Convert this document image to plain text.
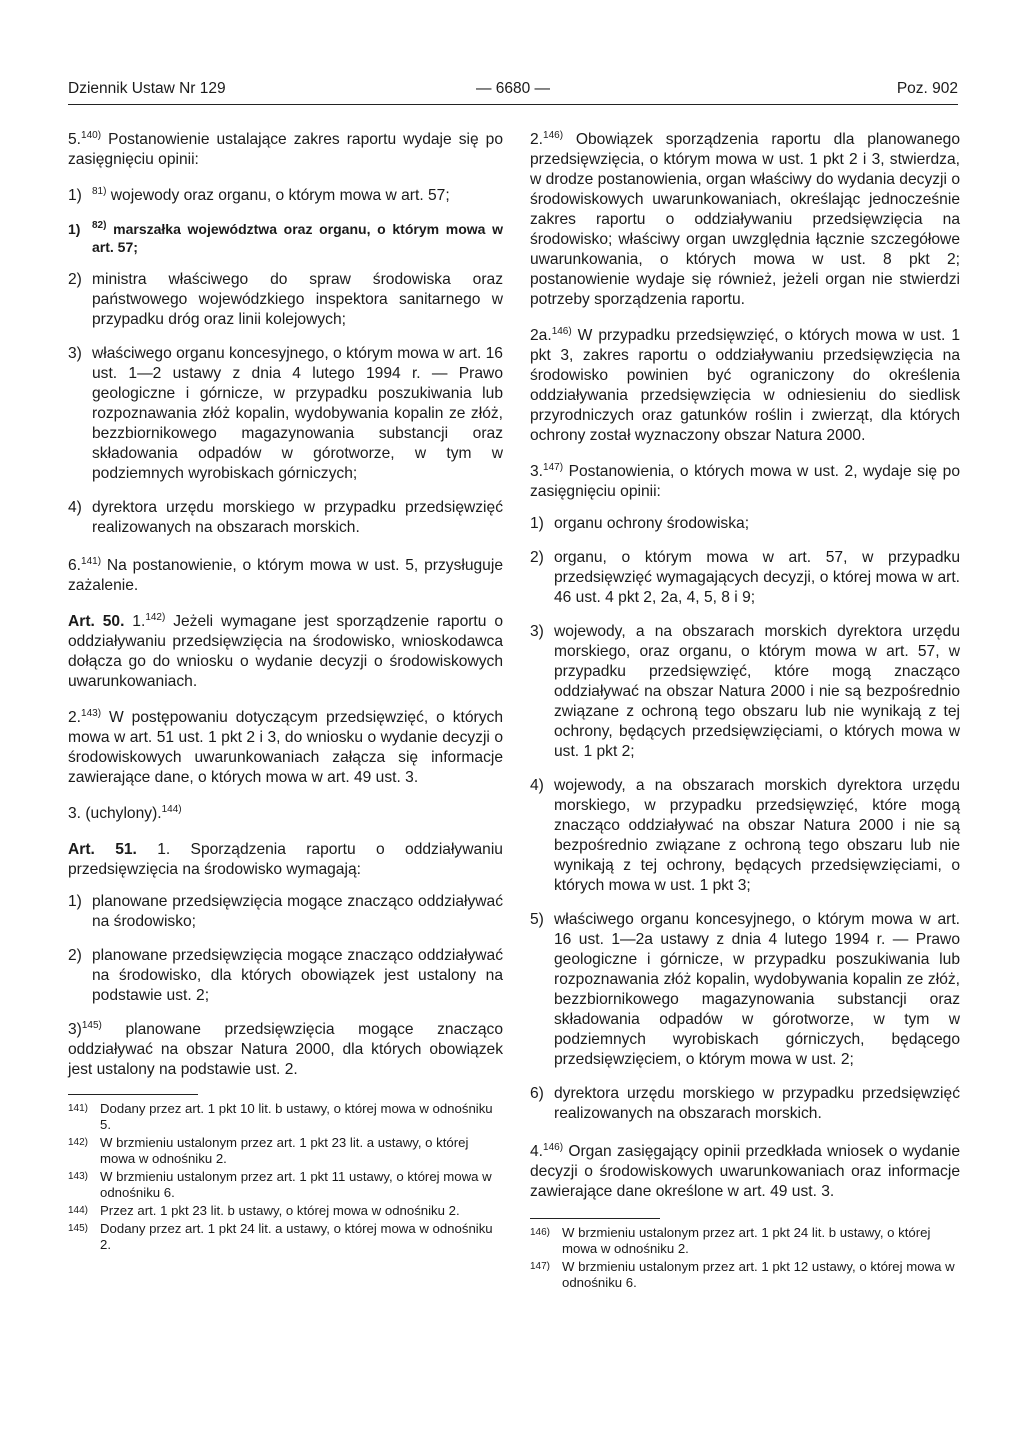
Dziennik Ustaw Nr 129	— 6680 —	Poz. 902

5.$^{140)}$ Postanowienie ustalające zakres raportu wydaje się po zasięgnięciu opinii:

1) $^{81)}$ wojewody oraz organu, o którym mowa w art. 57;
1) $^{82)}$ marszałka województwa oraz organu, o którym mowa w art. 57;
2) ministra właściwego do spraw środowiska oraz państwowego wojewódzkiego inspektora sanitarnego w przypadku dróg oraz linii kolejowych;
3) właściwego organu koncesyjnego, o którym mowa w art. 16 ust. 1—2 ustawy z dnia 4 lutego 1994 r. — Prawo geologiczne i górnicze, w przypadku poszukiwania lub rozpoznawania złóż kopalin, wydobywania kopalin ze złóż, bezzbiornikowego magazynowania substancji oraz składowania odpadów w górotworze, w tym w podziemnych wyrobiskach górniczych;
4) dyrektora urzędu morskiego w przypadku przedsięwzięć realizowanych na obszarach morskich.

6.$^{141)}$ Na postanowienie, o którym mowa w ust. 5, przysługuje zażalenie.

Art. 50. 1.$^{142)}$ Jeżeli wymagane jest sporządzenie raportu o oddziaływaniu przedsięwzięcia na środowisko, wnioskodawca dołącza go do wniosku o wydanie decyzji o środowiskowych uwarunkowaniach.

2.$^{143)}$ W postępowaniu dotyczącym przedsięwzięć, o których mowa w art. 51 ust. 1 pkt 2 i 3, do wniosku o wydanie decyzji o środowiskowych uwarunkowaniach załącza się informacje zawierające dane, o których mowa w art. 49 ust. 3.

3. (uchylony).$^{144)}$

Art. 51. 1. Sporządzenia raportu o oddziaływaniu przedsięwzięcia na środowisko wymagają:

1) planowane przedsięwzięcia mogące znacząco oddziaływać na środowisko;
2) planowane przedsięwzięcia mogące znacząco oddziaływać na środowisko, dla których obowiązek jest ustalony na podstawie ust. 2;
3)$^{145)}$ planowane przedsięwzięcia mogące znacząco oddziaływać na obszar Natura 2000, dla których obowiązek jest ustalony na podstawie ust. 2.
141) Dodany przez art. 1 pkt 10 lit. b ustawy, o której mowa w odnośniku 5.
142) W brzmieniu ustalonym przez art. 1 pkt 23 lit. a ustawy, o której mowa w odnośniku 2.
143) W brzmieniu ustalonym przez art. 1 pkt 11 ustawy, o której mowa w odnośniku 6.
144) Przez art. 1 pkt 23 lit. b ustawy, o której mowa w odnośniku 2.
145) Dodany przez art. 1 pkt 24 lit. a ustawy, o której mowa w odnośniku 2.

2.$^{146)}$ Obowiązek sporządzenia raportu dla planowanego przedsięwzięcia, o którym mowa w ust. 1 pkt 2 i 3, stwierdza, w drodze postanowienia, organ właściwy do wydania decyzji o środowiskowych uwarunkowaniach, określając jednocześnie zakres raportu o oddziaływaniu przedsięwzięcia na środowisko; właściwy organ uwzględnia łącznie szczegółowe uwarunkowania, o których mowa w ust. 8 pkt 2; postanowienie wydaje się również, jeżeli organ nie stwierdzi potrzeby sporządzenia raportu.

2a.$^{146)}$ W przypadku przedsięwzięć, o których mowa w ust. 1 pkt 3, zakres raportu o oddziaływaniu przedsięwzięcia na środowisko powinien być ograniczony do określenia oddziaływania przedsięwzięcia w odniesieniu do siedlisk przyrodniczych oraz gatunków roślin i zwierząt, dla których ochrony został wyznaczony obszar Natura 2000.

3.$^{147)}$ Postanowienia, o których mowa w ust. 2, wydaje się po zasięgnięciu opinii:

1) organu ochrony środowiska;
2) organu, o którym mowa w art. 57, w przypadku przedsięwzięć wymagających decyzji, o której mowa w art. 46 ust. 4 pkt 2, 2a, 4, 5, 8 i 9;
3) wojewody, a na obszarach morskich dyrektora urzędu morskiego, oraz organu, o którym mowa w art. 57, w przypadku przedsięwzięć, które mogą znacząco oddziaływać na obszar Natura 2000 i nie są bezpośrednio związane z ochroną tego obszaru lub nie wynikają z tej ochrony, będących przedsięwzięciami, o których mowa w ust. 1 pkt 2;
4) wojewody, a na obszarach morskich dyrektora urzędu morskiego, w przypadku przedsięwzięć, które mogą znacząco oddziaływać na obszar Natura 2000 i nie są bezpośrednio związane z ochroną tego obszaru lub nie wynikają z tej ochrony, będących przedsięwzięciami, o których mowa w ust. 1 pkt 3;
5) właściwego organu koncesyjnego, o którym mowa w art. 16 ust. 1—2a ustawy z dnia 4 lutego 1994 r. — Prawo geologiczne i górnicze, w przypadku poszukiwania lub rozpoznawania złóż kopalin, wydobywania kopalin ze złóż, bezzbiornikowego magazynowania substancji oraz składowania odpadów w górotworze, w tym w podziemnych wyrobiskach górniczych, będącego przedsięwzięciem, o którym mowa w ust. 2;
6) dyrektora urzędu morskiego w przypadku przedsięwzięć realizowanych na obszarach morskich.

4.$^{146)}$ Organ zasięgający opinii przedkłada wniosek o wydanie decyzji o środowiskowych uwarunkowaniach oraz informacje zawierające dane określone w art. 49 ust. 3.

146) W brzmieniu ustalonym przez art. 1 pkt 24 lit. b ustawy, o której mowa w odnośniku 2.
147) W brzmieniu ustalonym przez art. 1 pkt 12 ustawy, o której mowa w odnośniku 6.
